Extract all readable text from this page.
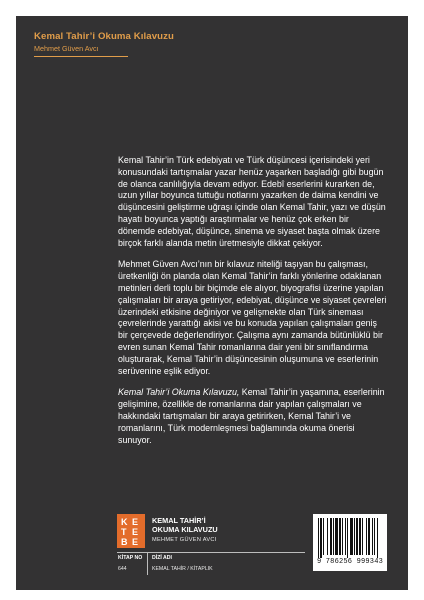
Kemal Tahir’i Okuma Kılavuzu
Mehmet Güven Avcı

Kemal Tahir’in Türk edebiyatı ve Türk düşüncesi içerisindeki yeri konusundaki tartışmalar yazar henüz yaşarken başladığı gibi bugün de olanca canlılığıyla devam ediyor. Edebî eserlerini kurarken de, uzun yıllar boyunca tuttuğu notlarını yazarken de daima kendini ve düşüncesini geliştirme uğraşı içinde olan Kemal Tahir, yazı ve düşün hayatı boyunca yaptığı araştırmalar ve henüz çok erken bir dönemde edebiyat, düşünce, sinema ve siyaset başta olmak üzere birçok farklı alanda metin üretmesiyle dikkat çekiyor.

Mehmet Güven Avcı’nın bir kılavuz niteliği taşıyan bu çalışması, üretkenliği ön planda olan Kemal Tahir’in farklı yönlerine odaklanan metinleri derli toplu bir biçimde ele alıyor, biyografisi üzerine yapılan çalışmaları bir araya getiriyor, edebiyat, düşünce ve siyaset çevreleri üzerindeki etkisine değiniyor ve gelişmekte olan Türk sineması çevrelerinde yarattığı akisi ve bu konuda yapılan çalışmaları geniş bir çerçevede değerlendiriyor. Çalışma aynı zamanda bütünlüklü bir evren sunan Kemal Tahir romanlarına dair yeni bir sınıflandırma oluşturarak, Kemal Tahir’in düşüncesinin oluşumuna ve eserlerinin serüvenine eşlik ediyor.

Kemal Tahir’i Okuma Kılavuzu, Kemal Tahir’in yaşamına, eserlerinin gelişimine, özellikle de romanlarına dair yapılan çalışmaları ve hakkındaki tartışmaları bir araya getirirken, Kemal Tahir’i ve romanlarını, Türk modernleşmesi bağlamında okuma önerisi sunuyor.

K E
T E
B E
KEMAL TAHİR’İ
OKUMA KILAVUZU
MEHMET GÜVEN AVCI
KİTAP NO
644
DİZİ ADI
KEMAL TAHİR / KİTAPLIK
9 786256 999343
